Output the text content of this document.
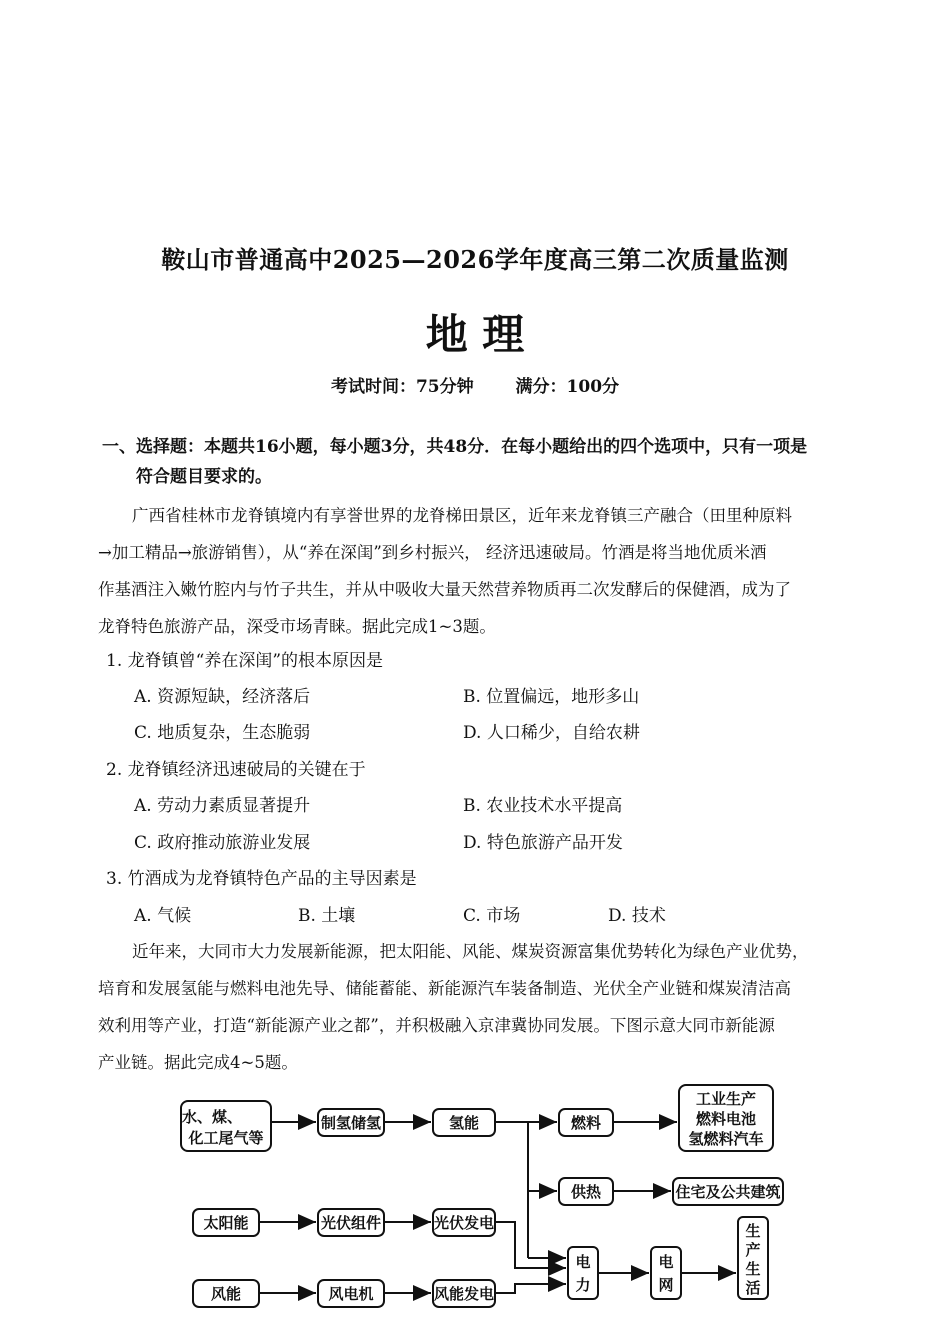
鞍山市普通高中2025—2026学年度高三第二次质量监测
地 理
考试时间：75分钟 满分：100分
一、选择题：本题共16小题，每小题3分，共48分．在每小题给出的四个选项中，只有一项是
符合题目要求的。
广西省桂林市龙脊镇境内有享誉世界的龙脊梯田景区，近年来龙脊镇三产融合（田里种原料
→加工精品→旅游销售），从“养在深闺”到乡村振兴， 经济迅速破局。竹酒是将当地优质米酒
作基酒注入嫩竹腔内与竹子共生，并从中吸收大量天然营养物质再二次发酵后的保健酒，成为了
龙脊特色旅游产品，深受市场青睐。据此完成1~3题。
1. 龙脊镇曾“养在深闺”的根本原因是
A. 资源短缺，经济落后	B. 位置偏远，地形多山
C. 地质复杂，生态脆弱	D. 人口稀少，自给农耕
2. 龙脊镇经济迅速破局的关键在于
A. 劳动力素质显著提升	B. 农业技术水平提高
C. 政府推动旅游业发展	D. 特色旅游产品开发
3. 竹酒成为龙脊镇特色产品的主导因素是
A. 气候	B. 土壤	C. 市场	D. 技术
近年来，大同市大力发展新能源，把太阳能、风能、煤炭资源富集优势转化为绿色产业优势，
培育和发展氢能与燃料电池先导、储能蓄能、新能源汽车装备制造、光伏全产业链和煤炭清洁高
效利用等产业，打造“新能源产业之都”，并积极融入京津冀协同发展。下图示意大同市新能源
产业链。据此完成4~5题。
水、煤、
化工尾气等
制氢储氢	氢能	燃料
工业生产
燃料电池
氢燃料汽车
供热	住宅及公共建筑
太阳能	光伏组件	光伏发电
电
力
电
网
生
产
生
活
风能	风电机	风能发电
